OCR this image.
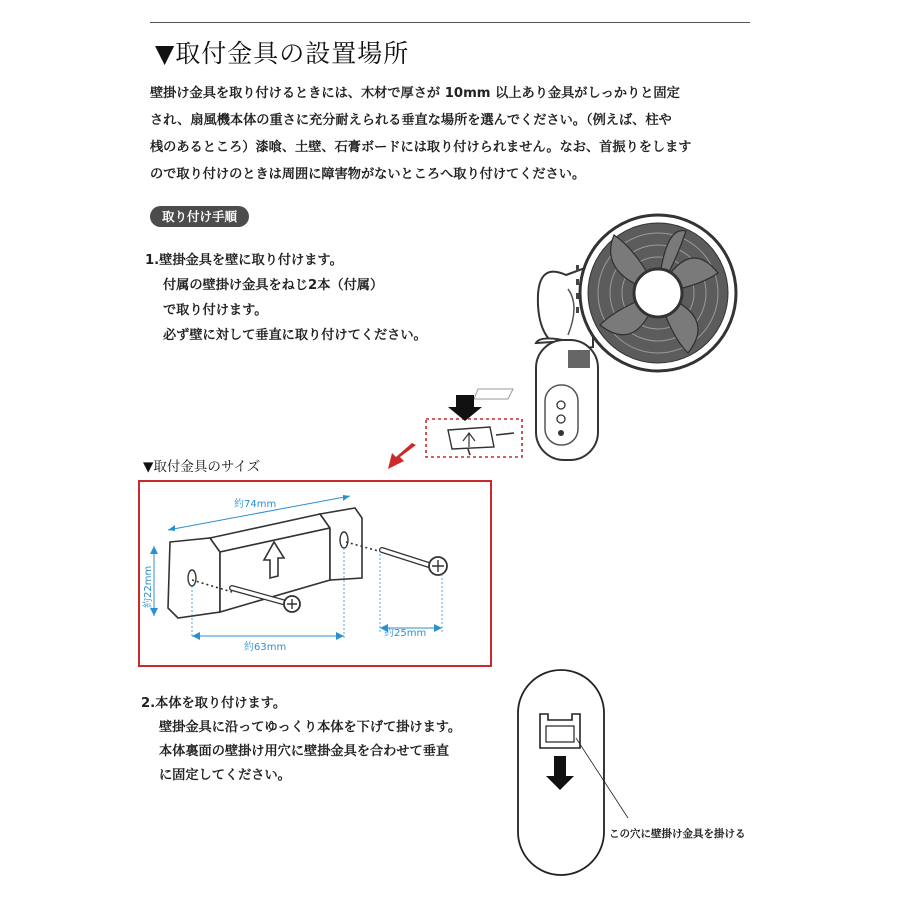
▼取付金具の設置場所
壁掛け金具を取り付けるときには、木材で厚さが 10mm 以上あり金具がしっかりと固定
され、扇風機本体の重さに充分耐えられる垂直な場所を選んでください。（例えば、柱や
桟のあるところ）漆喰、土壁、石膏ボードには取り付けられません。なお、首振りをします
ので取り付けのときは周囲に障害物がないところへ取り付けてください。
取り付け手順
1.壁掛金具を壁に取り付けます。
付属の壁掛け金具をねじ2本（付属）
で取り付けます。
必ず壁に対して垂直に取り付けてください。
▼取付金具のサイズ
約74mm
約22mm
約63mm
約25mm
2.本体を取り付けます。
壁掛金具に沿ってゆっくり本体を下げて掛けます。
本体裏面の壁掛け用穴に壁掛金具を合わせて垂直
に固定してください。
この穴に壁掛け金具を掛ける
